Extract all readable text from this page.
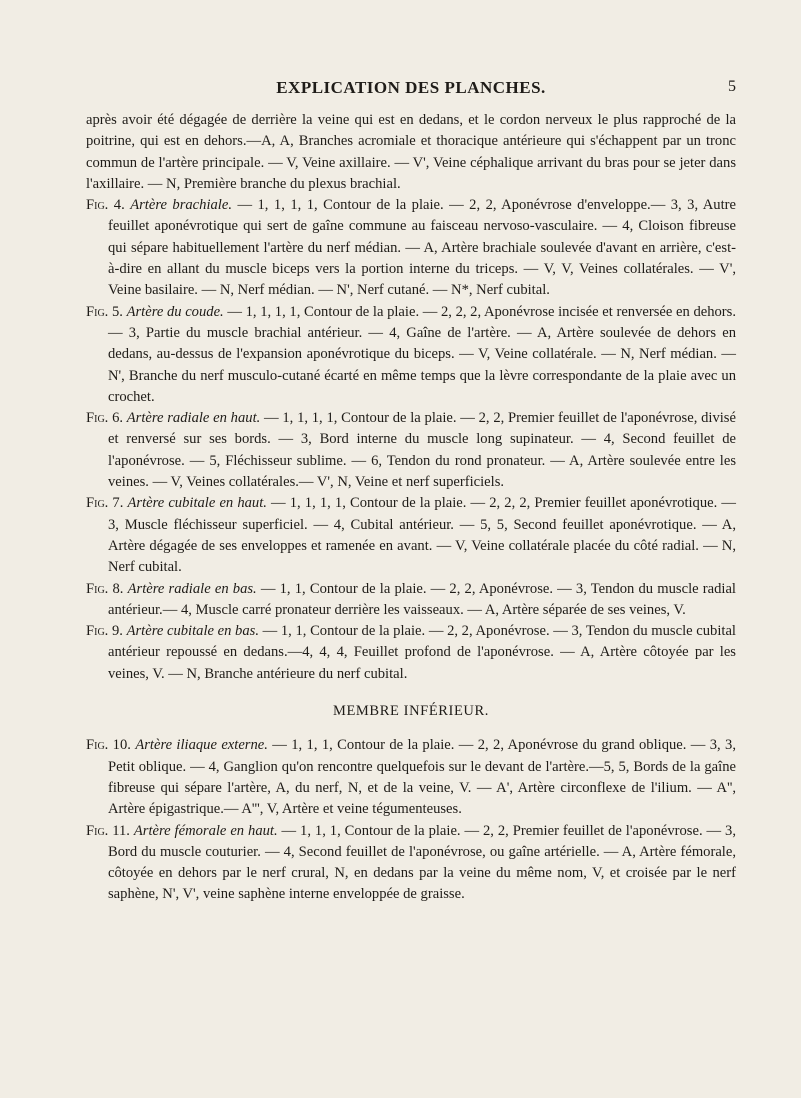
EXPLICATION DES PLANCHES.	5

après avoir été dégagée de derrière la veine qui est en dedans, et le cordon nerveux le plus rapproché de la poitrine, qui est en dehors.—A, A, Branches acromiale et thoracique antérieure qui s'échappent par un tronc commun de l'artère principale. — V, Veine axillaire. — V', Veine céphalique arrivant du bras pour se jeter dans l'axillaire. — N, Première branche du plexus brachial.

Fig. 4. Artère brachiale. — 1, 1, 1, 1, Contour de la plaie. — 2, 2, Aponévrose d'enveloppe.— 3, 3, Autre feuillet aponévrotique qui sert de gaîne commune au faisceau nervoso-vasculaire. — 4, Cloison fibreuse qui sépare habituellement l'artère du nerf médian. — A, Artère brachiale soulevée d'avant en arrière, c'est-à-dire en allant du muscle biceps vers la portion interne du triceps. — V, V, Veines collatérales. — V', Veine basilaire. — N, Nerf médian. — N', Nerf cutané. — N*, Nerf cubital.

Fig. 5. Artère du coude. — 1, 1, 1, 1, Contour de la plaie. — 2, 2, 2, Aponévrose incisée et renversée en dehors. — 3, Partie du muscle brachial antérieur. — 4, Gaîne de l'artère. — A, Artère soulevée de dehors en dedans, au-dessus de l'expansion aponévrotique du biceps. — V, Veine collatérale. — N, Nerf médian. — N', Branche du nerf musculo-cutané écarté en même temps que la lèvre correspondante de la plaie avec un crochet.

Fig. 6. Artère radiale en haut. — 1, 1, 1, 1, Contour de la plaie. — 2, 2, Premier feuillet de l'aponévrose, divisé et renversé sur ses bords. — 3, Bord interne du muscle long supinateur. — 4, Second feuillet de l'aponévrose. — 5, Fléchisseur sublime. — 6, Tendon du rond pronateur. — A, Artère soulevée entre les veines. — V, Veines collatérales.— V', N, Veine et nerf superficiels.

Fig. 7. Artère cubitale en haut. — 1, 1, 1, 1, Contour de la plaie. — 2, 2, 2, Premier feuillet aponévrotique. — 3, Muscle fléchisseur superficiel. — 4, Cubital antérieur. — 5, 5, Second feuillet aponévrotique. — A, Artère dégagée de ses enveloppes et ramenée en avant. — V, Veine collatérale placée du côté radial. — N, Nerf cubital.

Fig. 8. Artère radiale en bas. — 1, 1, Contour de la plaie. — 2, 2, Aponévrose. — 3, Tendon du muscle radial antérieur.— 4, Muscle carré pronateur derrière les vaisseaux. — A, Artère séparée de ses veines, V.

Fig. 9. Artère cubitale en bas. — 1, 1, Contour de la plaie. — 2, 2, Aponévrose. — 3, Tendon du muscle cubital antérieur repoussé en dedans.—4, 4, 4, Feuillet profond de l'aponévrose. — A, Artère côtoyée par les veines, V. — N, Branche antérieure du nerf cubital.

MEMBRE INFÉRIEUR.

Fig. 10. Artère iliaque externe. — 1, 1, 1, Contour de la plaie. — 2, 2, Aponévrose du grand oblique. — 3, 3, Petit oblique. — 4, Ganglion qu'on rencontre quelquefois sur le devant de l'artère.—5, 5, Bords de la gaîne fibreuse qui sépare l'artère, A, du nerf, N, et de la veine, V. — A', Artère circonflexe de l'ilium. — A'', Artère épigastrique.— A''', V, Artère et veine tégumenteuses.

Fig. 11. Artère fémorale en haut. — 1, 1, 1, Contour de la plaie. — 2, 2, Premier feuillet de l'aponévrose. — 3, Bord du muscle couturier. — 4, Second feuillet de l'aponévrose, ou gaîne artérielle. — A, Artère fémorale, côtoyée en dehors par le nerf crural, N, en dedans par la veine du même nom, V, et croisée par le nerf saphène, N', V', veine saphène interne enveloppée de graisse.
